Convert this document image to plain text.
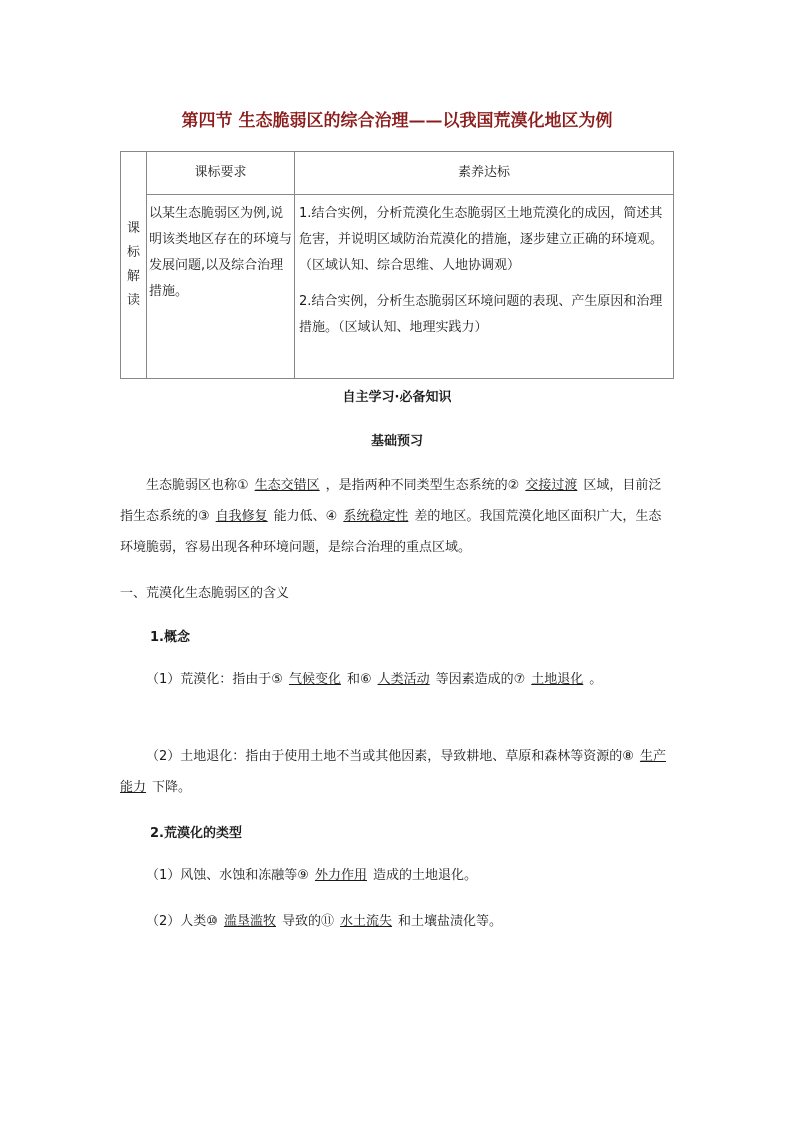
第四节 生态脆弱区的综合治理——以我国荒漠化地区为例
课
标
解
读	课标要求	素养达标
	以某生态脆弱区为例,说明该类地区存在的环境与发展问题,以及综合治理措施。	1.结合实例，分析荒漠化生态脆弱区土地荒漠化的成因，简述其危害，并说明区域防治荒漠化的措施，逐步建立正确的环境观。（区域认知、综合思维、人地协调观）

2.结合实例，分析生态脆弱区环境问题的表现、产生原因和治理措施。（区域认知、地理实践力）

自主学习·必备知识
基础预习
生态脆弱区也称① 生态交错区 ，是指两种不同类型生态系统的② 交接过渡 区域，目前泛指生态系统的③ 自我修复 能力低、④ 系统稳定性 差的地区。我国荒漠化地区面积广大，生态环境脆弱，容易出现各种环境问题，是综合治理的重点区域。
一、荒漠化生态脆弱区的含义
1.概念
（1）荒漠化：指由于⑤ 气候变化 和⑥ 人类活动 等因素造成的⑦ 土地退化 。
（2）土地退化：指由于使用土地不当或其他因素，导致耕地、草原和森林等资源的⑧ 生产能力 下降。
2.荒漠化的类型
（1）风蚀、水蚀和冻融等⑨ 外力作用 造成的土地退化。
（2）人类⑩ 滥垦滥牧 导致的⑪ 水土流失 和土壤盐渍化等。
